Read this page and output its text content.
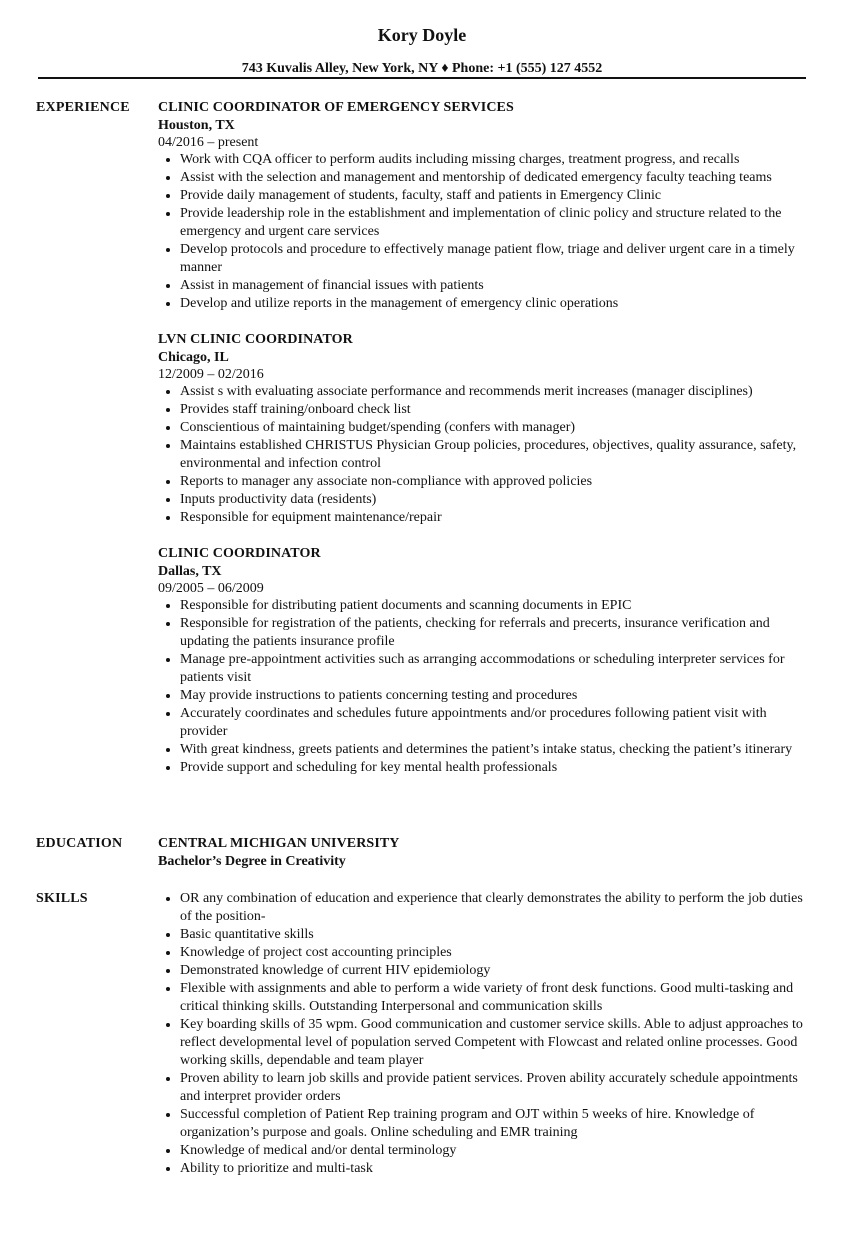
Kory Doyle
743 Kuvalis Alley, New York, NY ♦ Phone: +1 (555) 127 4552
EXPERIENCE	CLINIC COORDINATOR OF EMERGENCY SERVICES
Houston, TX
04/2016 – present
• Work with CQA officer to perform audits including missing charges, treatment progress, and recalls
• Assist with the selection and management and mentorship of dedicated emergency faculty teaching teams
• Provide daily management of students, faculty, staff and patients in Emergency Clinic
• Provide leadership role in the establishment and implementation of clinic policy and structure related to the emergency and urgent care services
• Develop protocols and procedure to effectively manage patient flow, triage and deliver urgent care in a timely manner
• Assist in management of financial issues with patients
• Develop and utilize reports in the management of emergency clinic operations
LVN CLINIC COORDINATOR
Chicago, IL
12/2009 – 02/2016
• Assist s with evaluating associate performance and recommends merit increases (manager disciplines)
• Provides staff training/onboard check list
• Conscientious of maintaining budget/spending (confers with manager)
• Maintains established CHRISTUS Physician Group policies, procedures, objectives, quality assurance, safety, environmental and infection control
• Reports to manager any associate non-compliance with approved policies
• Inputs productivity data (residents)
• Responsible for equipment maintenance/repair
CLINIC COORDINATOR
Dallas, TX
09/2005 – 06/2009
• Responsible for distributing patient documents and scanning documents in EPIC
• Responsible for registration of the patients, checking for referrals and precerts, insurance verification and updating the patients insurance profile
• Manage pre-appointment activities such as arranging accommodations or scheduling interpreter services for patients visit
• May provide instructions to patients concerning testing and procedures
• Accurately coordinates and schedules future appointments and/or procedures following patient visit with provider
• With great kindness, greets patients and determines the patient’s intake status, checking the patient’s itinerary
• Provide support and scheduling for key mental health professionals
EDUCATION	CENTRAL MICHIGAN UNIVERSITY
Bachelor’s Degree in Creativity
SKILLS
•	OR any combination of education and experience that clearly demonstrates the ability to perform the job duties of the position-
• Basic quantitative skills
• Knowledge of project cost accounting principles
• Demonstrated knowledge of current HIV epidemiology
• Flexible with assignments and able to perform a wide variety of front desk functions. Good multi-tasking and critical thinking skills. Outstanding Interpersonal and communication skills
• Key boarding skills of 35 wpm. Good communication and customer service skills. Able to adjust approaches to reflect developmental level of population served Competent with Flowcast and related online processes. Good working skills, dependable and team player
• Proven ability to learn job skills and provide patient services. Proven ability accurately schedule appointments and interpret provider orders
• Successful completion of Patient Rep training program and OJT within 5 weeks of hire. Knowledge of organization’s purpose and goals. Online scheduling and EMR training
• Knowledge of medical and/or dental terminology
• Ability to prioritize and multi-task
